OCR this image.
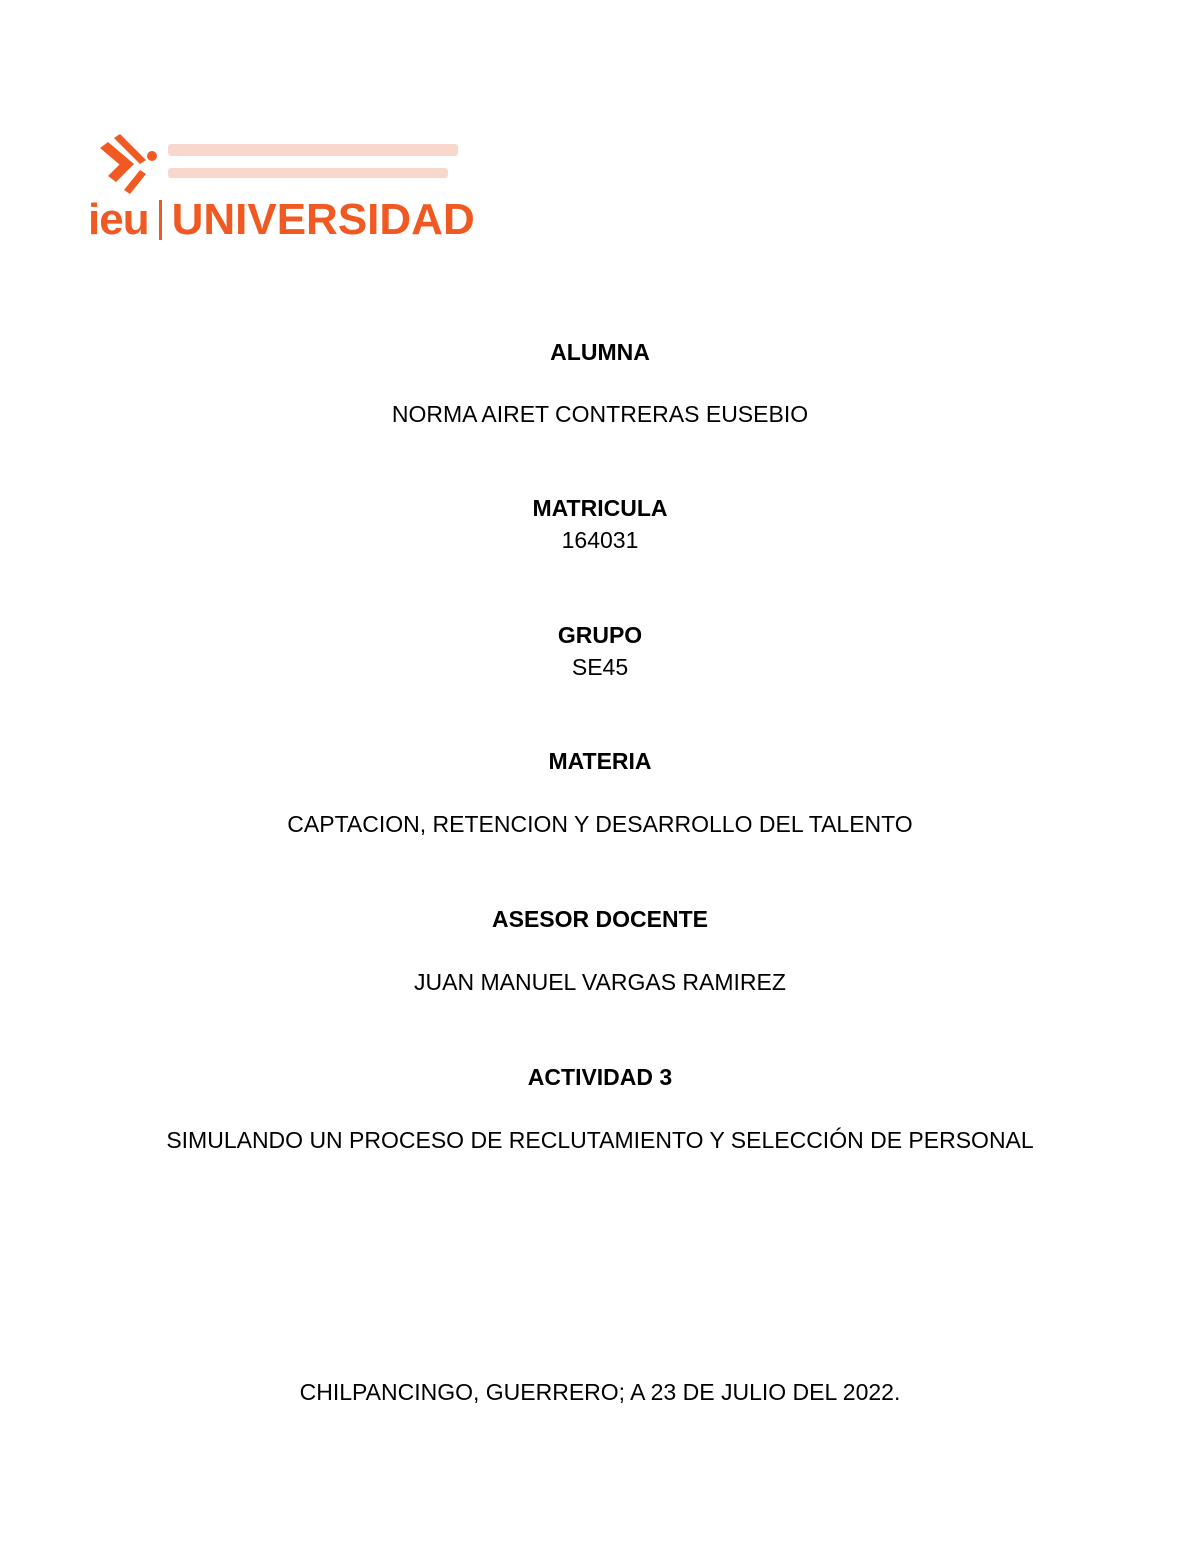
ieu UNIVERSIDAD
ALUMNA
NORMA AIRET CONTRERAS EUSEBIO
MATRICULA
164031
GRUPO
SE45
MATERIA
CAPTACION, RETENCION Y DESARROLLO DEL TALENTO
ASESOR DOCENTE
JUAN MANUEL VARGAS RAMIREZ
ACTIVIDAD 3
SIMULANDO UN PROCESO DE RECLUTAMIENTO Y SELECCIÓN DE PERSONAL
CHILPANCINGO, GUERRERO; A 23 DE JULIO DEL 2022.
